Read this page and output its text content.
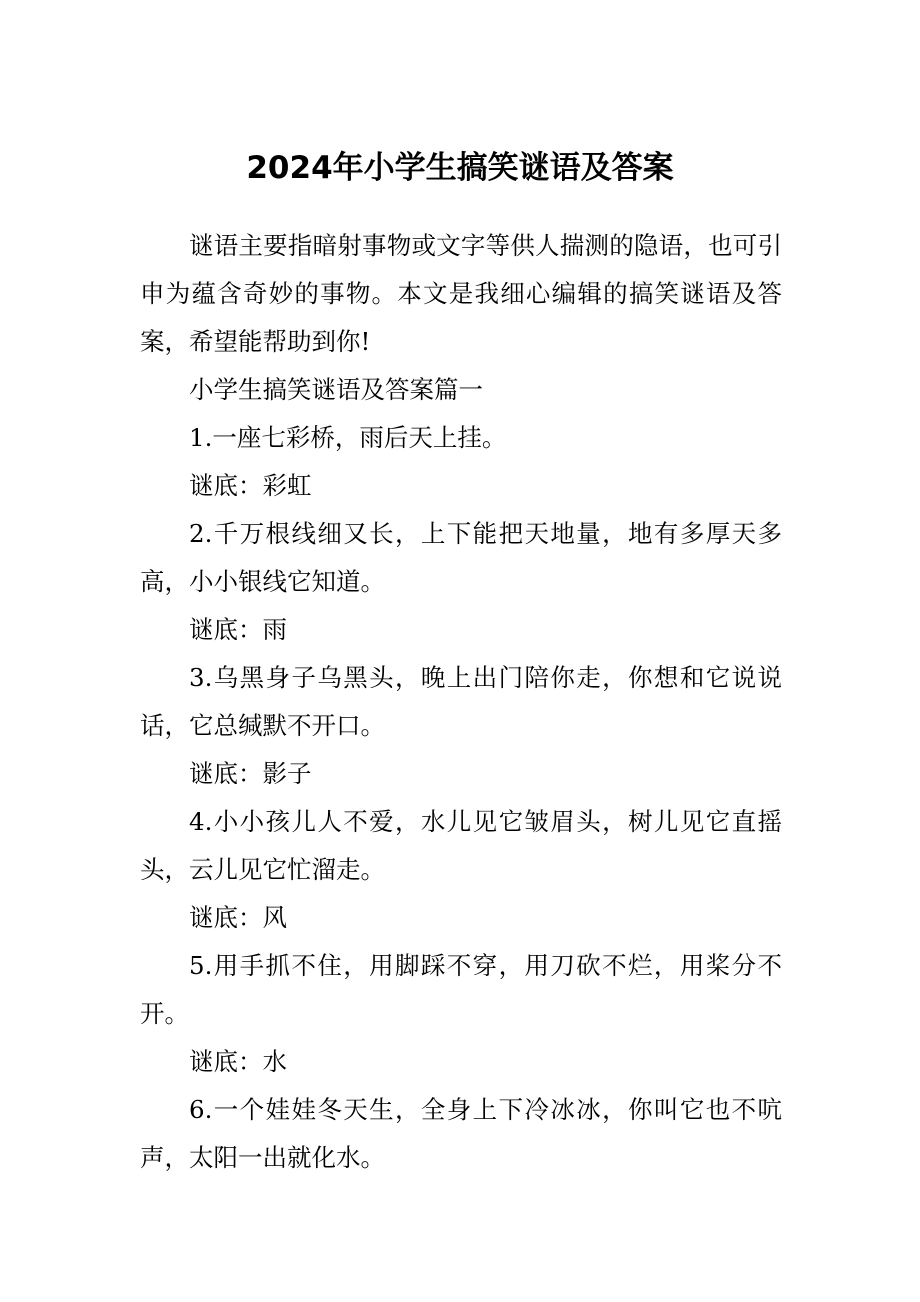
2024年小学生搞笑谜语及答案

谜语主要指暗射事物或文字等供人揣测的隐语，也可引申为蕴含奇妙的事物。本文是我细心编辑的搞笑谜语及答案，希望能帮助到你!

小学生搞笑谜语及答案篇一

1.一座七彩桥，雨后天上挂。

谜底：彩虹

2.千万根线细又长，上下能把天地量，地有多厚天多高，小小银线它知道。

谜底：雨

3.乌黑身子乌黑头，晚上出门陪你走，你想和它说说话，它总缄默不开口。

谜底：影子

4.小小孩儿人不爱，水儿见它皱眉头，树儿见它直摇头，云儿见它忙溜走。

谜底：风

5.用手抓不住，用脚踩不穿，用刀砍不烂，用桨分不开。

谜底：水

6.一个娃娃冬天生，全身上下冷冰冰，你叫它也不吭声，太阳一出就化水。
